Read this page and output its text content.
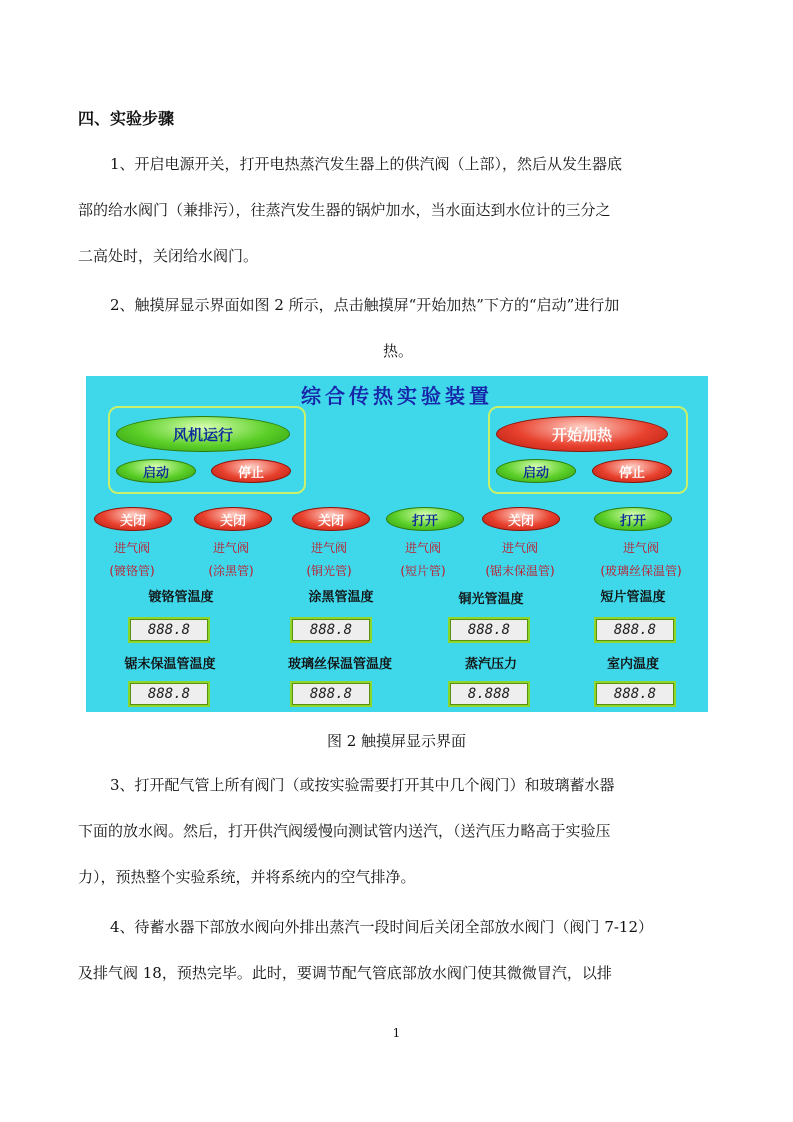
四、实验步骤

1、开启电源开关，打开电热蒸汽发生器上的供汽阀（上部），然后从发生器底

部的给水阀门（兼排污），往蒸汽发生器的锅炉加水，当水面达到水位计的三分之

二高处时，关闭给水阀门。

2、触摸屏显示界面如图 2 所示，点击触摸屏“开始加热”下方的“启动”进行加

热。

综合传热实验装置
风机运行
启动	停止
开始加热
启动	停止
关闭	关闭	关闭	打开	关闭	打开
进气阀
(镀铬管)
进气阀
(涂黑管)
进气阀
(铜光管)
进气阀
(短片管)
进气阀
(锯末保温管)
进气阀
(玻璃丝保温管)
镀铬管温度	涂黑管温度	铜光管温度	短片管温度
888.8	888.8	888.8	888.8
锯末保温管温度	玻璃丝保温管温度	蒸汽压力	室内温度
888.8	888.8	8.888	888.8
图 2 触摸屏显示界面

3、打开配气管上所有阀门（或按实验需要打开其中几个阀门）和玻璃蓄水器

下面的放水阀。然后，打开供汽阀缓慢向测试管内送汽，（送汽压力略高于实验压

力），预热整个实验系统，并将系统内的空气排净。

4、待蓄水器下部放水阀向外排出蒸汽一段时间后关闭全部放水阀门（阀门 7-12）

及排气阀 18，预热完毕。此时，要调节配气管底部放水阀门使其微微冒汽，以排

1
